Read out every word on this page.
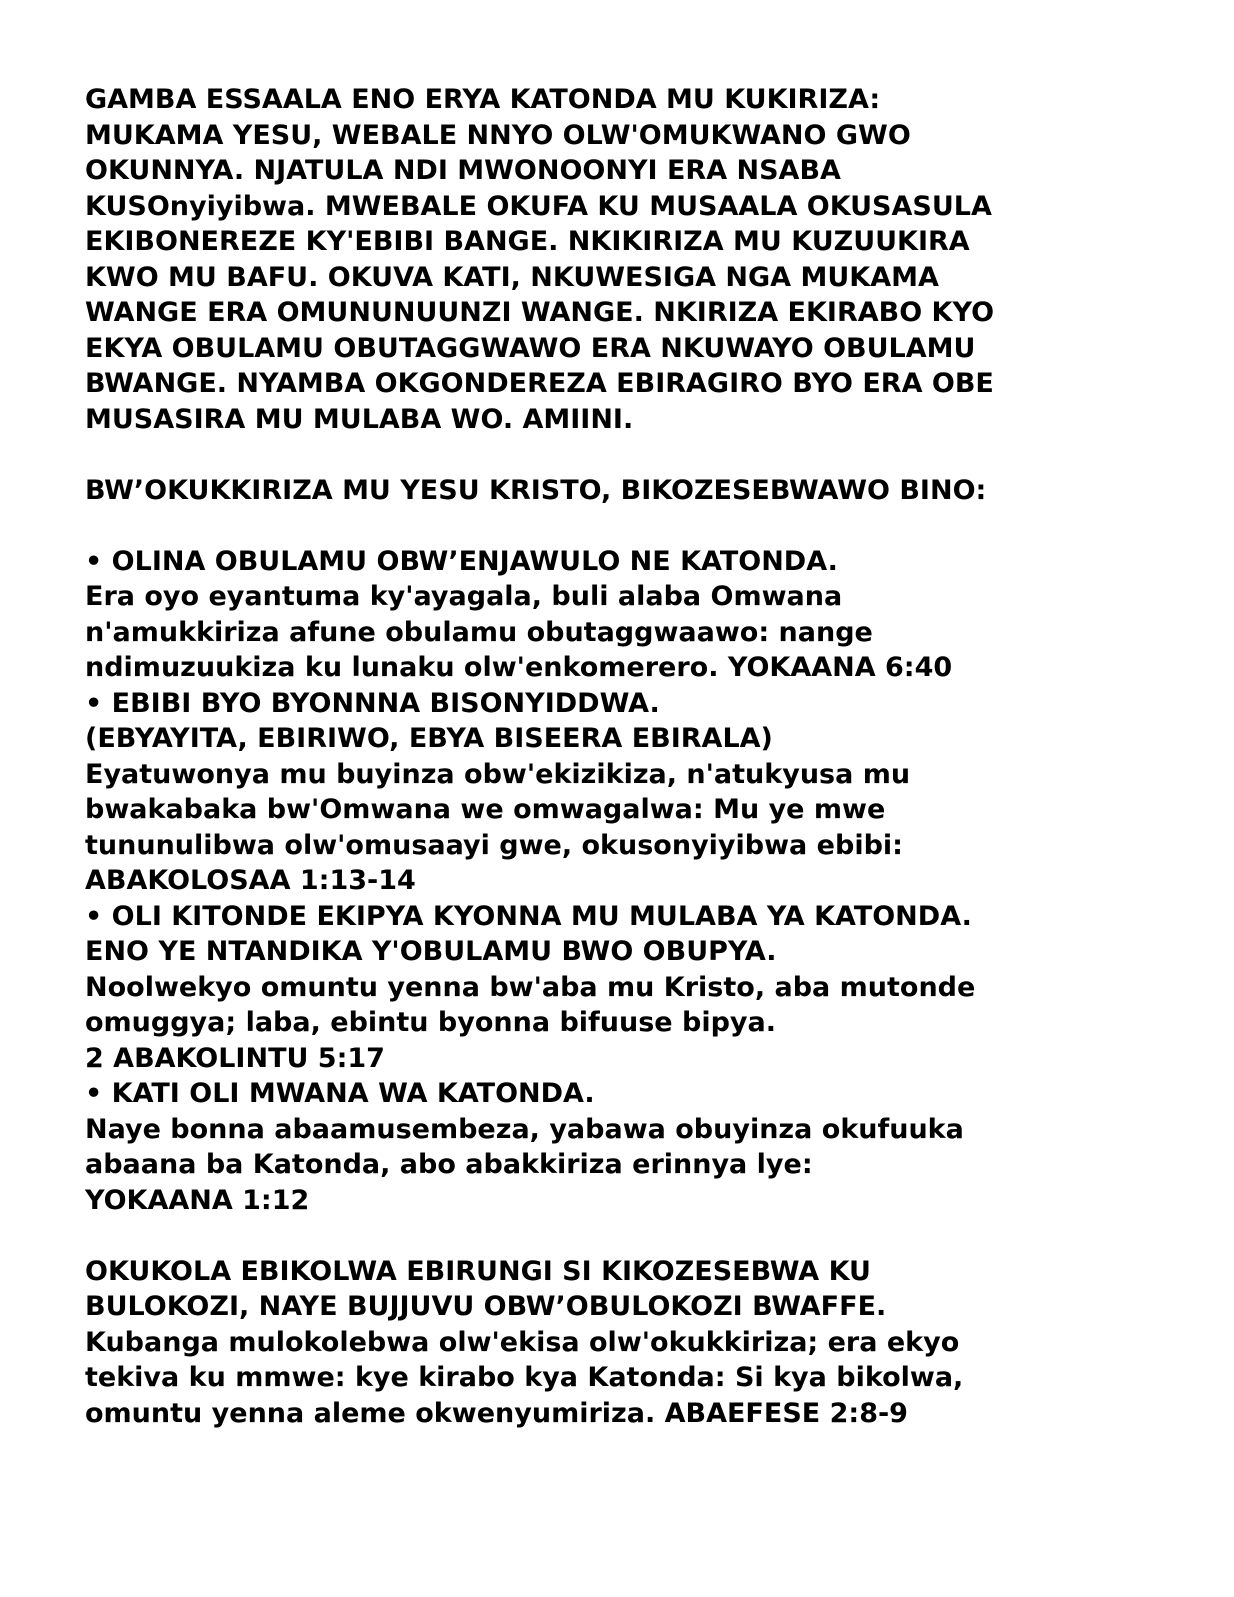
GAMBA ESSAALA ENO ERYA KATONDA MU KUKIRIZA:
MUKAMA YESU, WEBALE NNYO OLW'OMUKWANO GWO
OKUNNYA. NJATULA NDI MWONOONYI ERA NSABA
KUSOnyiyibwa. MWEBALE OKUFA KU MUSAALA OKUSASULA
EKIBONEREZE KY'EBIBI BANGE. NKIKIRIZA MU KUZUUKIRA
KWO MU BAFU. OKUVA KATI, NKUWESIGA NGA MUKAMA
WANGE ERA OMUNUNUUNZI WANGE. NKIRIZA EKIRABO KYO
EKYA OBULAMU OBUTAGGWAWO ERA NKUWAYO OBULAMU
BWANGE. NYAMBA OKGONDEREZA EBIRAGIRO BYO ERA OBE
MUSASIRA MU MULABA WO. AMIINI.
BW’OKUKKIRIZA MU YESU KRISTO, BIKOZESEBWAWO BINO:
• OLINA OBULAMU OBW’ENJAWULO NE KATONDA.
Era oyo eyantuma ky'ayagala, buli alaba Omwana
n'amukkiriza afune obulamu obutaggwaawo: nange
ndimuzuukiza ku lunaku olw'enkomerero. YOKAANA 6:40
• EBIBI BYO BYONNNA BISONYIDDWA.
(EBYAYITA, EBIRIWO, EBYA BISEERA EBIRALA)
Eyatuwonya mu buyinza obw'ekizikiza, n'atukyusa mu
bwakabaka bw'Omwana we omwagalwa: Mu ye mwe
tununulibwa olw'omusaayi gwe, okusonyiyibwa ebibi:
ABAKOLOSAA 1:13-14
• OLI KITONDE EKIPYA KYONNA MU MULABA YA KATONDA.
ENO YE NTANDIKA Y'OBULAMU BWO OBUPYA.
Noolwekyo omuntu yenna bw'aba mu Kristo, aba mutonde
omuggya; laba, ebintu byonna bifuuse bipya.
2 ABAKOLINTU 5:17
• KATI OLI MWANA WA KATONDA.
Naye bonna abaamusembeza, yabawa obuyinza okufuuka
abaana ba Katonda, abo abakkiriza erinnya lye:
YOKAANA 1:12
OKUKOLA EBIKOLWA EBIRUNGI SI KIKOZESEBWA KU
BULOKOZI, NAYE BUJJUVU OBW’OBULOKOZI BWAFFE.
Kubanga mulokolebwa olw'ekisa olw'okukkiriza; era ekyo
tekiva ku mmwe: kye kirabo kya Katonda: Si kya bikolwa,
omuntu yenna aleme okwenyumiriza. ABAEFESE 2:8-9
